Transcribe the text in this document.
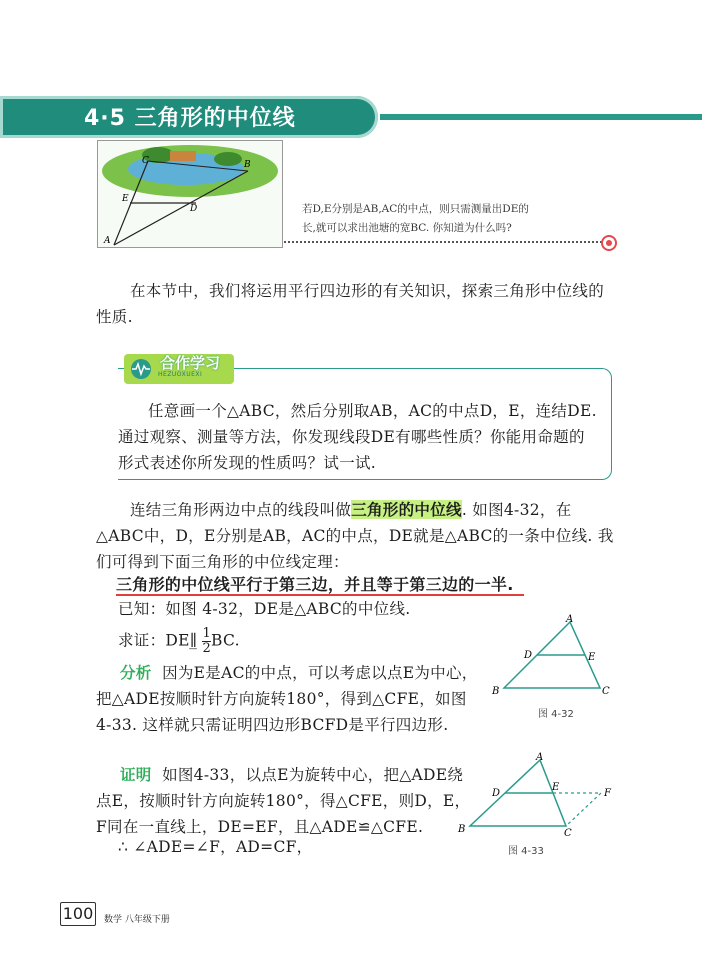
4·5 三角形的中位线
C	B
E
D
A
若D,E分别是AB,AC的中点，则只需测量出DE的
长,就可以求出池塘的宽BC. 你知道为什么吗?
在本节中，我们将运用平行四边形的有关知识，探索三角形中位线的性质.
合作学习
HEZUOXUEXI
任意画一个△ABC，然后分别取AB，AC的中点D，E，连结DE. 通过观察、测量等方法，你发现线段DE有哪些性质？你能用命题的形式表述你所发现的性质吗？试一试.
连结三角形两边中点的线段叫做三角形的中位线. 如图4-32，在△ABC中，D，E分别是AB，AC的中点，DE就是△ABC的一条中位线. 我们可得到下面三角形的中位线定理：
三角形的中位线平行于第三边，并且等于第三边的一半.
已知：如图 4-32，DE是△ABC的中位线.
求证：DE∥̲ $\frac{1}{2}$ BC.
分析 因为E是AC的中点，可以考虑以点E为中心，把△ADE按顺时针方向旋转180°，得到△CFE，如图4-33. 这样就只需证明四边形BCFD是平行四边形.
证明 如图4-33，以点E为旋转中心，把△ADE绕点E，按顺时针方向旋转180°，得△CFE，则D，E，F同在一直线上，DE=EF，且△ADE≌△CFE.
∴ ∠ADE=∠F，AD=CF，
A
D	E
B	C
图 4-32
A
D
E
F
B	C
图 4-33
100	数学 八年级下册
